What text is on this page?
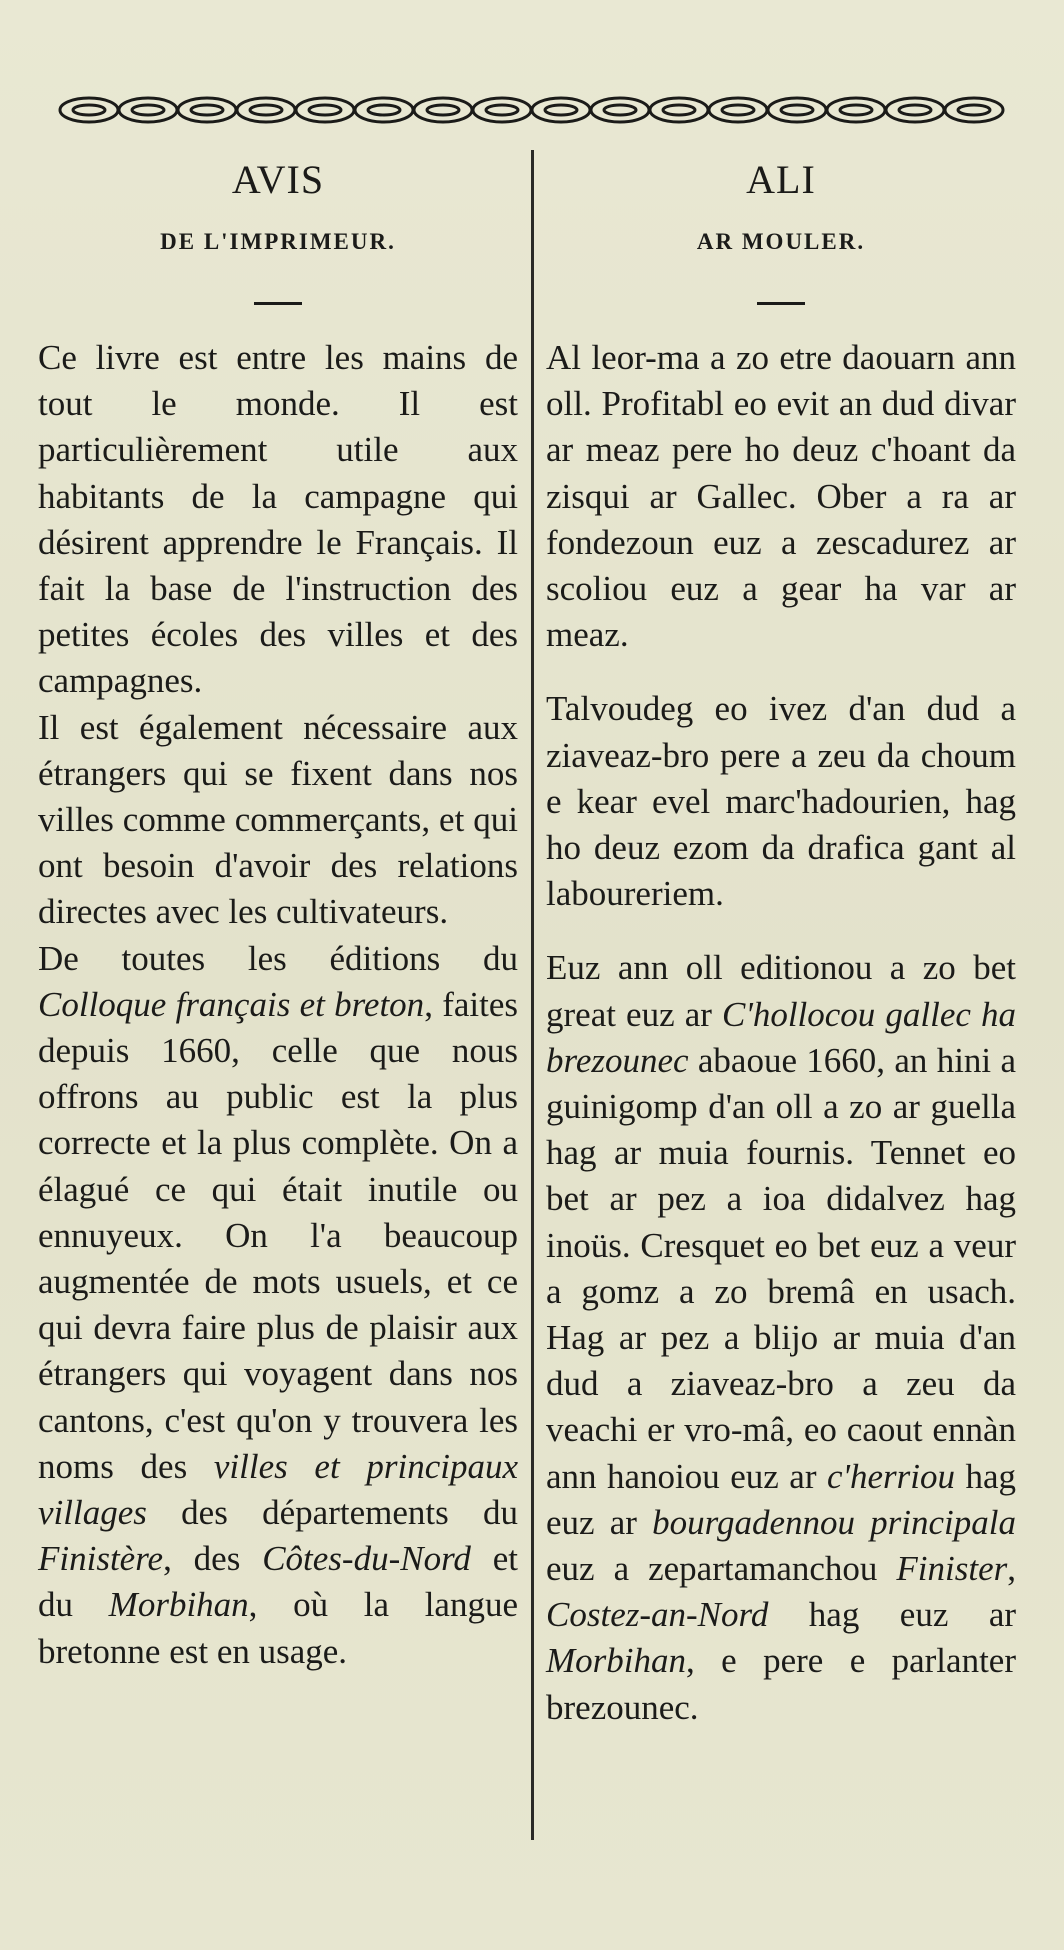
AVIS
DE L'IMPRIMEUR.

Ce livre est entre les mains de tout le monde. Il est particulièrement utile aux habitants de la campagne qui désirent apprendre le Français. Il fait la base de l'instruction des petites écoles des villes et des campagnes.

Il est également nécessaire aux étrangers qui se fixent dans nos villes comme commerçants, et qui ont besoin d'avoir des relations directes avec les cultivateurs.

De toutes les éditions du Colloque français et breton, faites depuis 1660, celle que nous offrons au public est la plus correcte et la plus complète. On a élagué ce qui était inutile ou ennuyeux. On l'a beaucoup augmentée de mots usuels, et ce qui devra faire plus de plaisir aux étrangers qui voyagent dans nos cantons, c'est qu'on y trouvera les noms des villes et principaux villages des départements du Finistère, des Côtes-du-Nord et du Morbihan, où la langue bretonne est en usage.

ALI
AR MOULER.

Al leor-ma a zo etre daouarn ann oll. Profitabl eo evit an dud divar ar meaz pere ho deuz c'hoant da zisqui ar Gallec. Ober a ra ar fondezoun euz a zescadurez ar scoliou euz a gear ha var ar meaz.

Talvoudeg eo ivez d'an dud a ziaveaz-bro pere a zeu da choum e kear evel marc'hadourien, hag ho deuz ezom da drafica gant al laboureriem.

Euz ann oll editionou a zo bet great euz ar C'hollocou gallec ha brezounec abaoue 1660, an hini a guinigomp d'an oll a zo ar guella hag ar muia fournis. Tennet eo bet ar pez a ioa didalvez hag inoüs. Cresquet eo bet euz a veur a gomz a zo bremâ en usach. Hag ar pez a blijo ar muia d'an dud a ziaveaz-bro a zeu da veachi er vro-mâ, eo caout ennàn ann hanoiou euz ar c'herriou hag euz ar bourgadennou principala euz a zepartamanchou Finister, Costez-an-Nord hag euz ar Morbihan, e pere e parlanter brezounec.
